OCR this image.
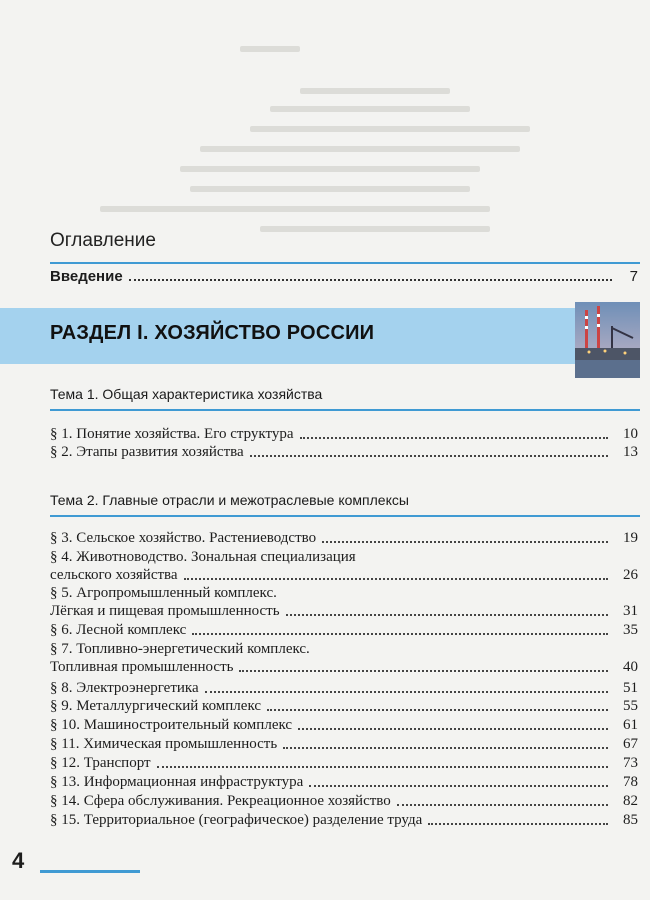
Оглавление
Введение	7
РАЗДЕЛ I. ХОЗЯЙСТВО РОССИИ
Тема 1. Общая характеристика хозяйства
§ 1. Понятие хозяйства. Его структура	10
§ 2. Этапы развития хозяйства	13
Тема 2. Главные отрасли и межотраслевые комплексы
§ 3. Сельское хозяйство. Растениеводство	19
§ 4. Животноводство. Зональная специализация
сельского хозяйства	26
§ 5. Агропромышленный комплекс.
Лёгкая и пищевая промышленность	31
§ 6. Лесной комплекс	35
§ 7. Топливно-энергетический комплекс.
Топливная промышленность	40
§ 8. Электроэнергетика	51
§ 9. Металлургический комплекс	55
§ 10. Машиностроительный комплекс	61
§ 11. Химическая промышленность	67
§ 12. Транспорт	73
§ 13. Информационная инфраструктура	78
§ 14. Сфера обслуживания. Рекреационное хозяйство	82
§ 15. Территориальное (географическое) разделение труда	85
4
